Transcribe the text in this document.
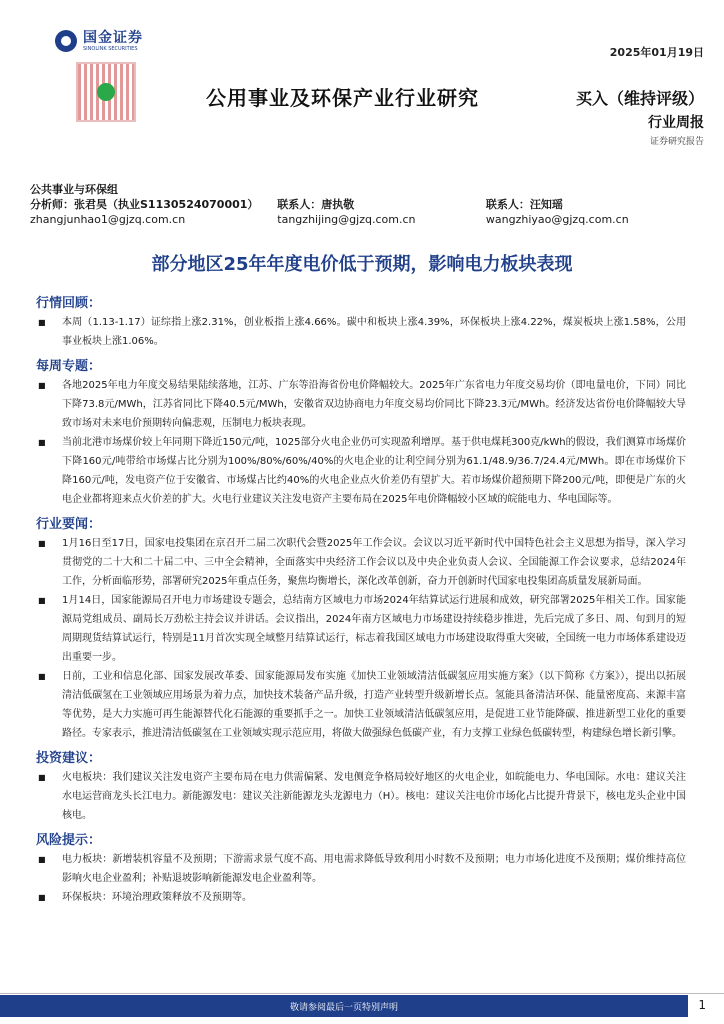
国金证券
SINOLINK SECURITIES	2025年01月19日
公用事业及环保产业行业研究	买入（维持评级）
行业周报
证券研究报告
公共事业与环保组
分析师：张君昊（执业S1130524070001）	联系人：唐执敬	联系人：汪知瑶
zhangjunhao1@gjzq.com.cn	tangzhijing@gjzq.com.cn	wangzhiyao@gjzq.com.cn
部分地区25年年度电价低于预期，影响电力板块表现
行情回顾：
■	本周（1.13-1.17）证综指上涨2.31%，创业板指上涨4.66%。碳中和板块上涨4.39%，环保板块上涨4.22%，煤炭板块上涨1.58%，公用事业板块上涨1.06%。
每周专题：
■	各地2025年电力年度交易结果陆续落地，江苏、广东等沿海省份电价降幅较大。2025年广东省电力年度交易均价（即电量电价，下同）同比下降73.8元/MWh，江苏省同比下降40.5元/MWh，安徽省双边协商电力年度交易均价同比下降23.3元/MWh。经济发达省份电价降幅较大导致市场对未来电价预期转向偏悲观，压制电力板块表现。
■	当前北港市场煤价较上年同期下降近150元/吨，1025部分火电企业仍可实现盈利增厚。基于供电煤耗300克/kWh的假设，我们测算市场煤价下降160元/吨带给市场煤占比分别为100%/80%/60%/40%的火电企业的让利空间分别为61.1/48.9/36.7/24.4元/MWh。即在市场煤价下降160元/吨，发电资产位于安徽省、市场煤占比约40%的火电企业点火价差仍有望扩大。若市场煤价超预期下降200元/吨，即便是广东的火电企业都将迎来点火价差的扩大。火电行业建议关注发电资产主要布局在2025年电价降幅较小区域的皖能电力、华电国际等。
行业要闻：
■	1月16日至17日，国家电投集团在京召开二届二次职代会暨2025年工作会议。会议以习近平新时代中国特色社会主义思想为指导，深入学习贯彻党的二十大和二十届二中、三中全会精神，全面落实中央经济工作会议以及中央企业负责人会议、全国能源工作会议要求，总结2024年工作，分析面临形势，部署研究2025年重点任务，聚焦均衡增长，深化改革创新，奋力开创新时代国家电投集团高质量发展新局面。
■	1月14日，国家能源局召开电力市场建设专题会，总结南方区域电力市场2024年结算试运行进展和成效，研究部署2025年相关工作。国家能源局党组成员、副局长万劲松主持会议并讲话。会议指出，2024年南方区域电力市场建设持续稳步推进，先后完成了多日、周、旬到月的短周期现货结算试运行，特别是11月首次实现全域整月结算试运行，标志着我国区域电力市场建设取得重大突破，全国统一电力市场体系建设迈出重要一步。
■	日前，工业和信息化部、国家发展改革委、国家能源局发布实施《加快工业领域清洁低碳氢应用实施方案》（以下简称《方案》），提出以拓展清洁低碳氢在工业领域应用场景为着力点，加快技术装备产品升级，打造产业转型升级新增长点。氢能具备清洁环保、能量密度高、来源丰富等优势，是大力实施可再生能源替代化石能源的重要抓手之一。加快工业领域清洁低碳氢应用，是促进工业节能降碳、推进新型工业化的重要路径。专家表示，推进清洁低碳氢在工业领域实现示范应用，将做大做强绿色低碳产业，有力支撑工业绿色低碳转型，构建绿色增长新引擎。
投资建议：
■	火电板块：我们建议关注发电资产主要布局在电力供需偏紧、发电侧竞争格局较好地区的火电企业，如皖能电力、华电国际。水电：建议关注水电运营商龙头长江电力。新能源发电：建议关注新能源龙头龙源电力（H）。核电：建议关注电价市场化占比提升背景下，核电龙头企业中国核电。
风险提示：
■	电力板块：新增装机容量不及预期；下游需求景气度不高、用电需求降低导致利用小时数不及预期；电力市场化进度不及预期；煤价维持高位影响火电企业盈利；补贴退坡影响新能源发电企业盈利等。
■	环保板块：环境治理政策释放不及预期等。
敬请参阅最后一页特别声明	1
